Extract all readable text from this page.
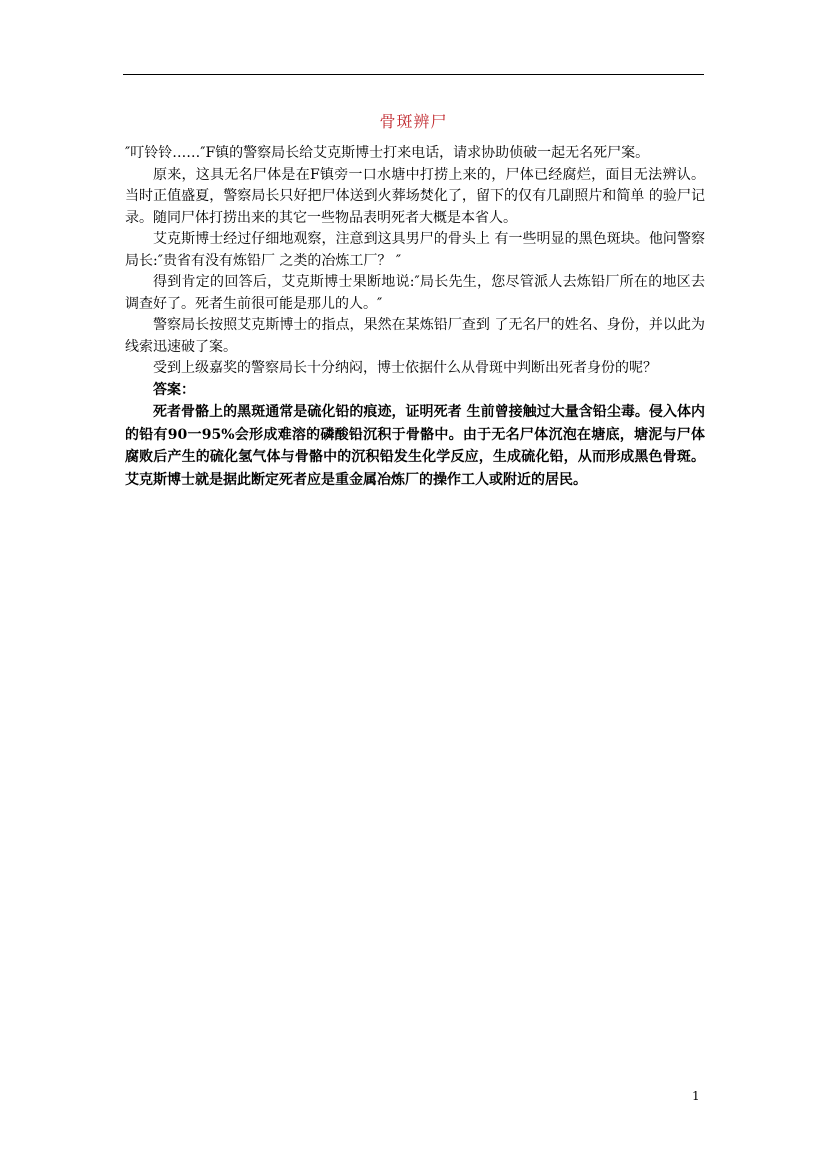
骨斑辨尸

″叮铃铃……″F镇的警察局长给艾克斯博士打来电话，请求协助侦破一起无名死尸案。

原来，这具无名尸体是在F镇旁一口水塘中打捞上来的，尸体已经腐烂，面目无法辨认。当时正值盛夏，警察局长只好把尸体送到火葬场焚化了，留下的仅有几副照片和简单 的验尸记录。随同尸体打捞出来的其它一些物品表明死者大概是本省人。

艾克斯博士经过仔细地观察，注意到这具男尸的骨头上 有一些明显的黑色斑块。他问警察局长:″贵省有没有炼铅厂 之类的冶炼工厂？ ″

得到肯定的回答后，艾克斯博士果断地说:″局长先生，您尽管派人去炼铅厂所在的地区去调查好了。死者生前很可能是那儿的人。″

警察局长按照艾克斯博士的指点，果然在某炼铅厂查到 了无名尸的姓名、身份，并以此为线索迅速破了案。

受到上级嘉奖的警察局长十分纳闷，博士依据什么从骨斑中判断出死者身份的呢？

答案：

死者骨骼上的黑斑通常是硫化铅的痕迹，证明死者 生前曾接触过大量含铅尘毒。侵入体内的铅有90一95%会形成难溶的磷酸铅沉积于骨骼中。由于无名尸体沉泡在塘底，塘泥与尸体腐败后产生的硫化氢气体与骨骼中的沉积铅发生化学反应，生成硫化铅，从而形成黑色骨斑。艾克斯博士就是据此断定死者应是重金属冶炼厂的操作工人或附近的居民。

1
